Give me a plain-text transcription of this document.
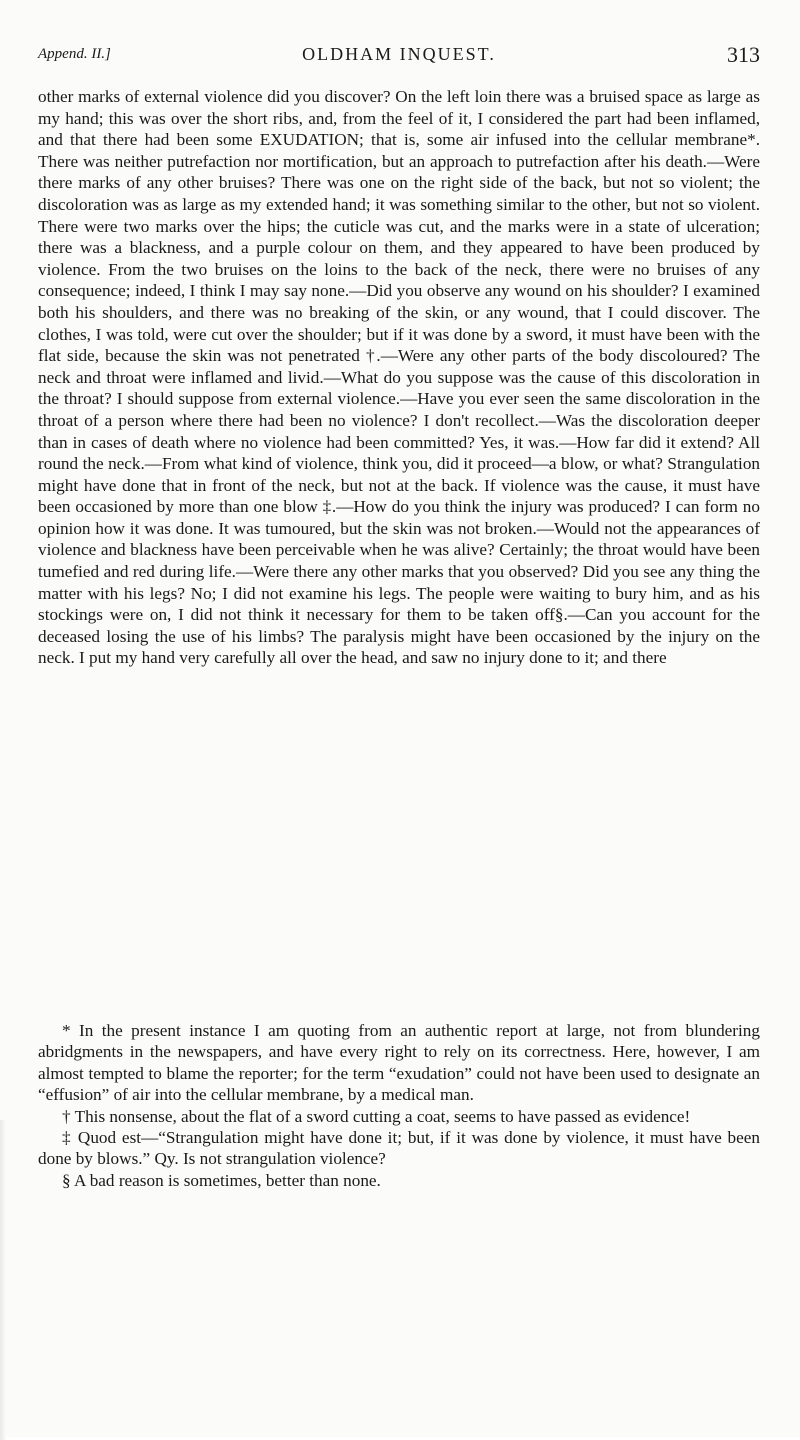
Append. II.]	OLDHAM INQUEST.	313

other marks of external violence did you discover? On the left loin there was a bruised space as large as my hand; this was over the short ribs, and, from the feel of it, I considered the part had been inflamed, and that there had been some EXUDATION; that is, some air infused into the cellular membrane*. There was neither putrefaction nor mortification, but an approach to putrefaction after his death.—Were there marks of any other bruises? There was one on the right side of the back, but not so violent; the discoloration was as large as my extended hand; it was something similar to the other, but not so violent. There were two marks over the hips; the cuticle was cut, and the marks were in a state of ulceration; there was a blackness, and a purple colour on them, and they appeared to have been produced by violence. From the two bruises on the loins to the back of the neck, there were no bruises of any consequence; indeed, I think I may say none.—Did you observe any wound on his shoulder? I examined both his shoulders, and there was no breaking of the skin, or any wound, that I could discover. The clothes, I was told, were cut over the shoulder; but if it was done by a sword, it must have been with the flat side, because the skin was not penetrated †.—Were any other parts of the body discoloured? The neck and throat were inflamed and livid.—What do you suppose was the cause of this discoloration in the throat? I should suppose from external violence.—Have you ever seen the same discoloration in the throat of a person where there had been no violence? I don't recollect.—Was the discoloration deeper than in cases of death where no violence had been committed? Yes, it was.—How far did it extend? All round the neck.—From what kind of violence, think you, did it proceed—a blow, or what? Strangulation might have done that in front of the neck, but not at the back. If violence was the cause, it must have been occasioned by more than one blow ‡.—How do you think the injury was produced? I can form no opinion how it was done. It was tumoured, but the skin was not broken.—Would not the appearances of violence and blackness have been perceivable when he was alive? Certainly; the throat would have been tumefied and red during life.—Were there any other marks that you observed? Did you see any thing the matter with his legs? No; I did not examine his legs. The people were waiting to bury him, and as his stockings were on, I did not think it necessary for them to be taken off§.—Can you account for the deceased losing the use of his limbs? The paralysis might have been occasioned by the injury on the neck. I put my hand very carefully all over the head, and saw no injury done to it; and there

* In the present instance I am quoting from an authentic report at large, not from blundering abridgments in the newspapers, and have every right to rely on its correctness. Here, however, I am almost tempted to blame the reporter; for the term “exudation” could not have been used to designate an “effusion” of air into the cellular membrane, by a medical man.

† This nonsense, about the flat of a sword cutting a coat, seems to have passed as evidence!

‡ Quod est—“Strangulation might have done it; but, if it was done by violence, it must have been done by blows.” Qy. Is not strangulation violence?

§ A bad reason is sometimes, better than none.
